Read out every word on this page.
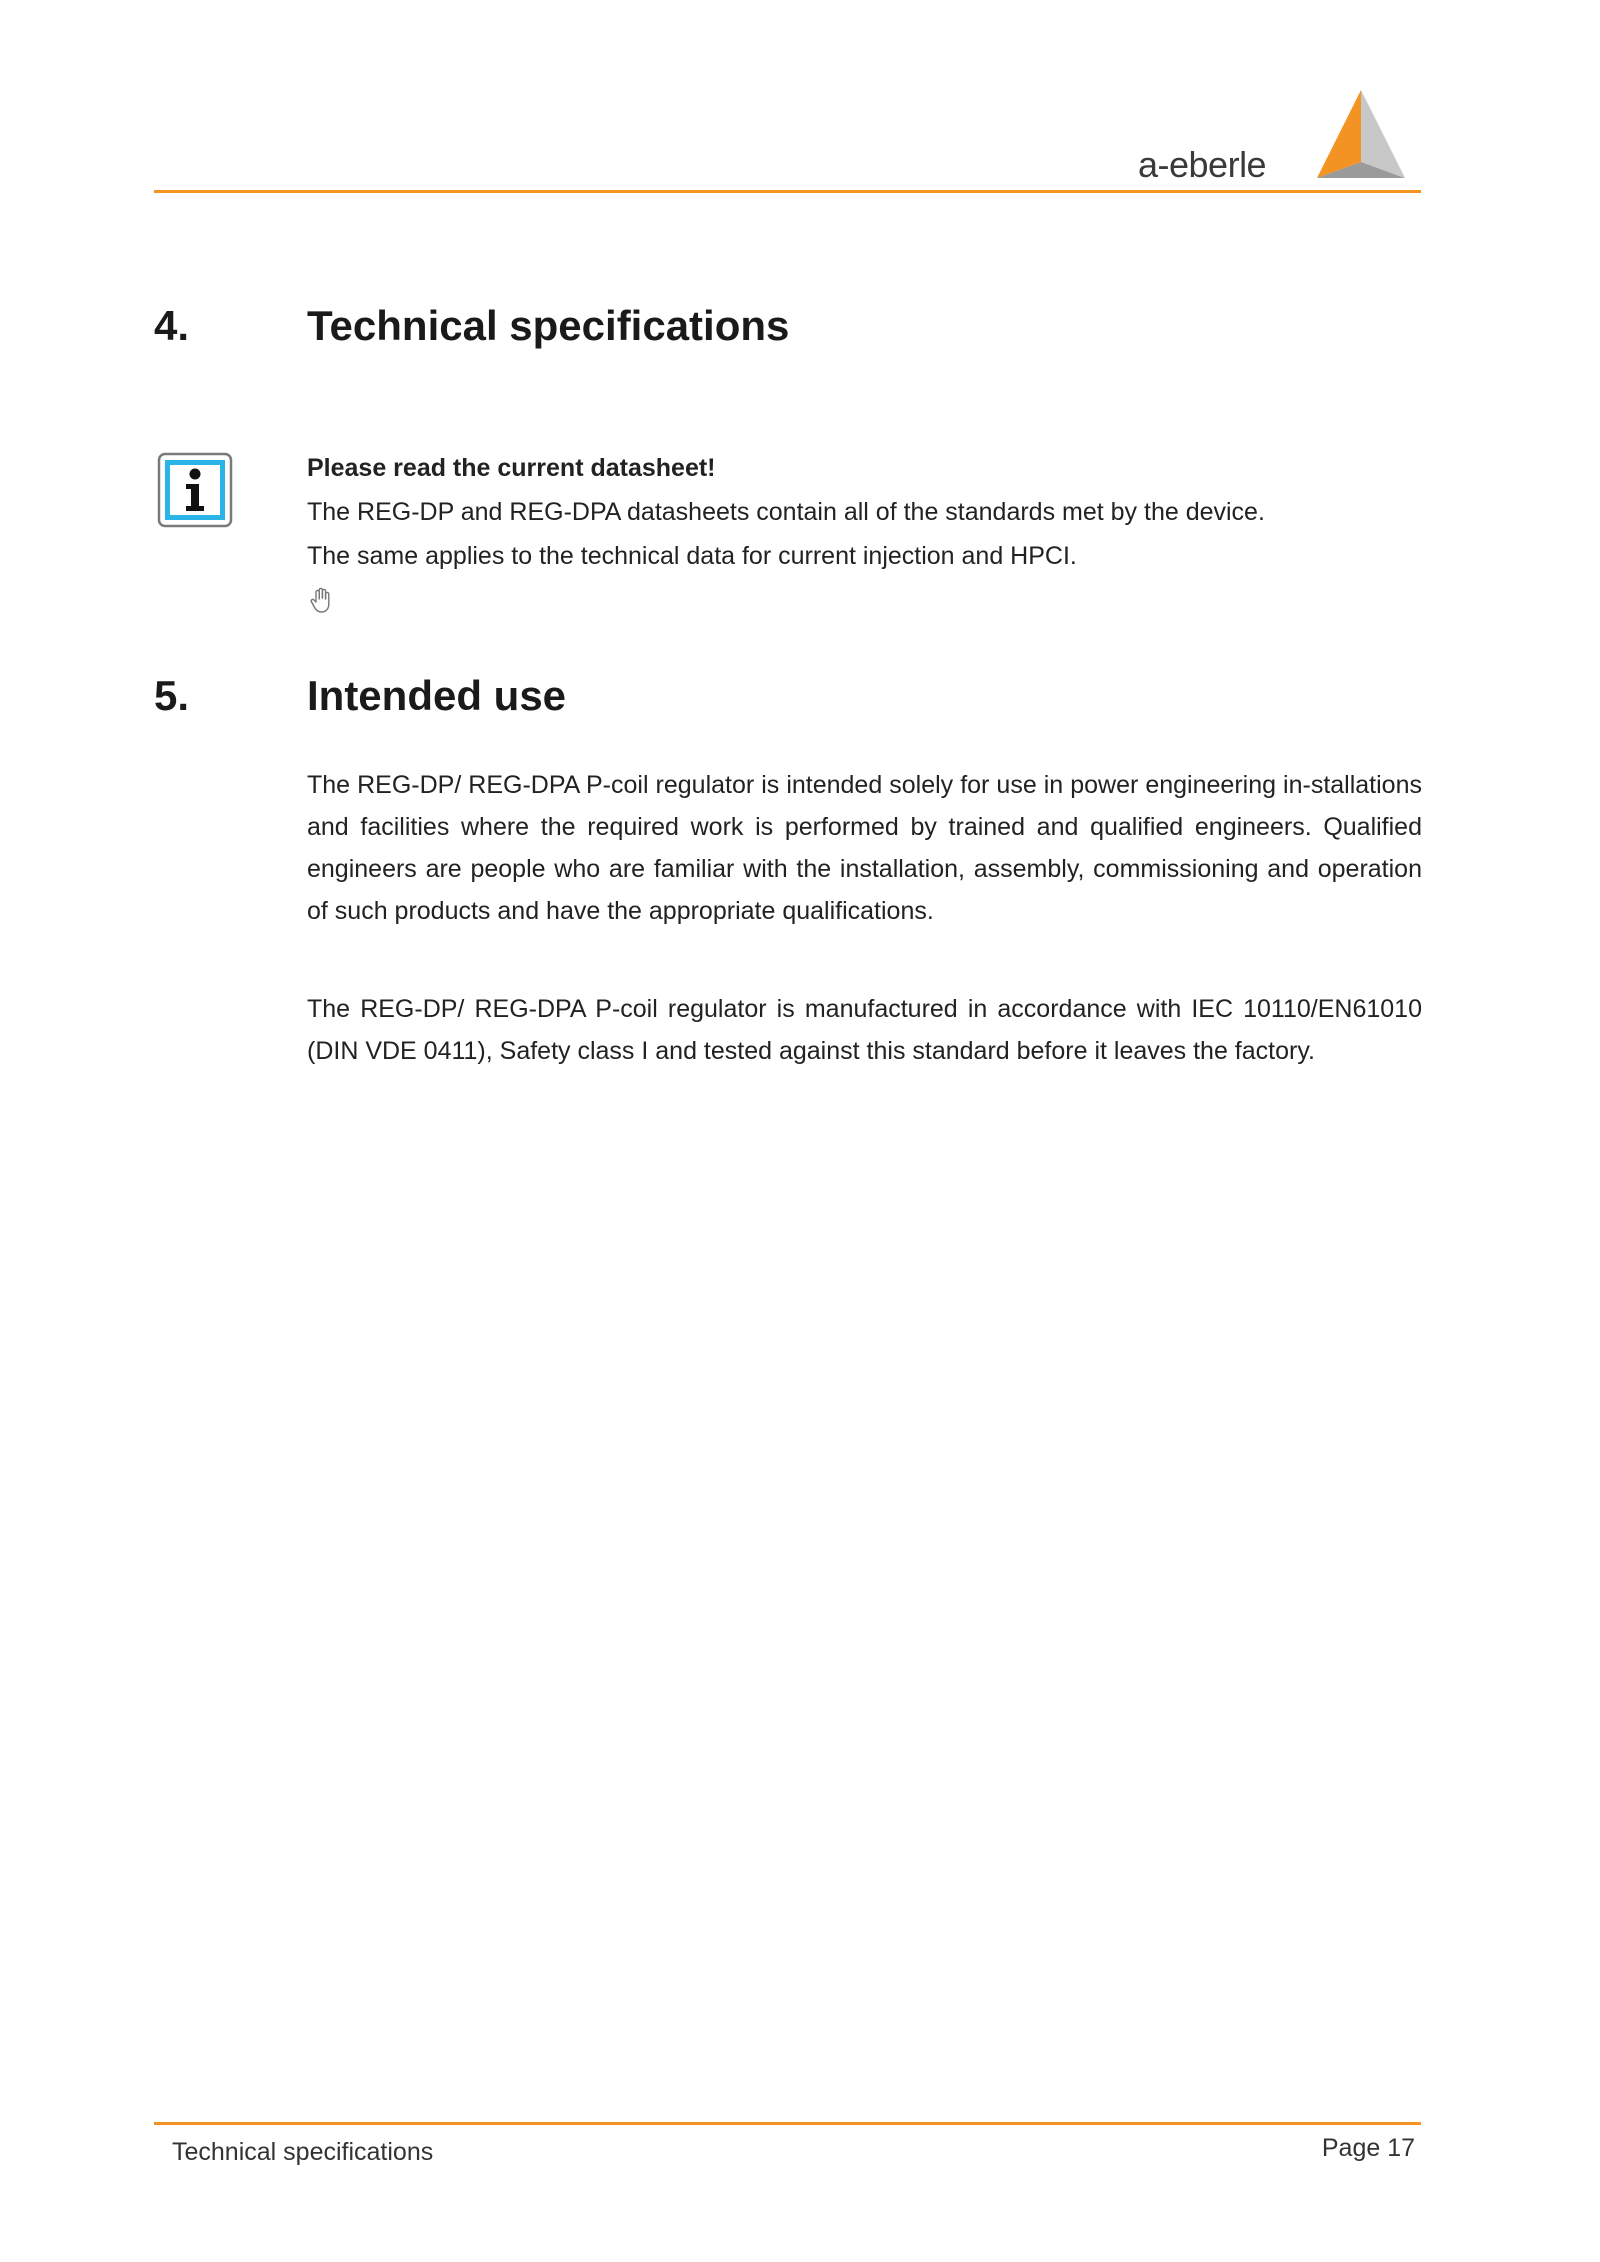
a-eberle
4.	Technical specifications
Please read the current datasheet!
The REG-DP and REG-DPA datasheets contain all of the standards met by the device.
The same applies to the technical data for current injection and HPCI.
5.	Intended use

The REG-DP/ REG-DPA P-coil regulator is intended solely for use in power engineering in-stallations and facilities where the required work is performed by trained and qualified engineers. Qualified engineers are people who are familiar with the installation, assembly, commissioning and operation of such products and have the appropriate qualifications.

The REG-DP/ REG-DPA P-coil regulator is manufactured in accordance with IEC 10110/EN61010 (DIN VDE 0411), Safety class I and tested against this standard before it leaves the factory.

Technical specifications	Page 17
